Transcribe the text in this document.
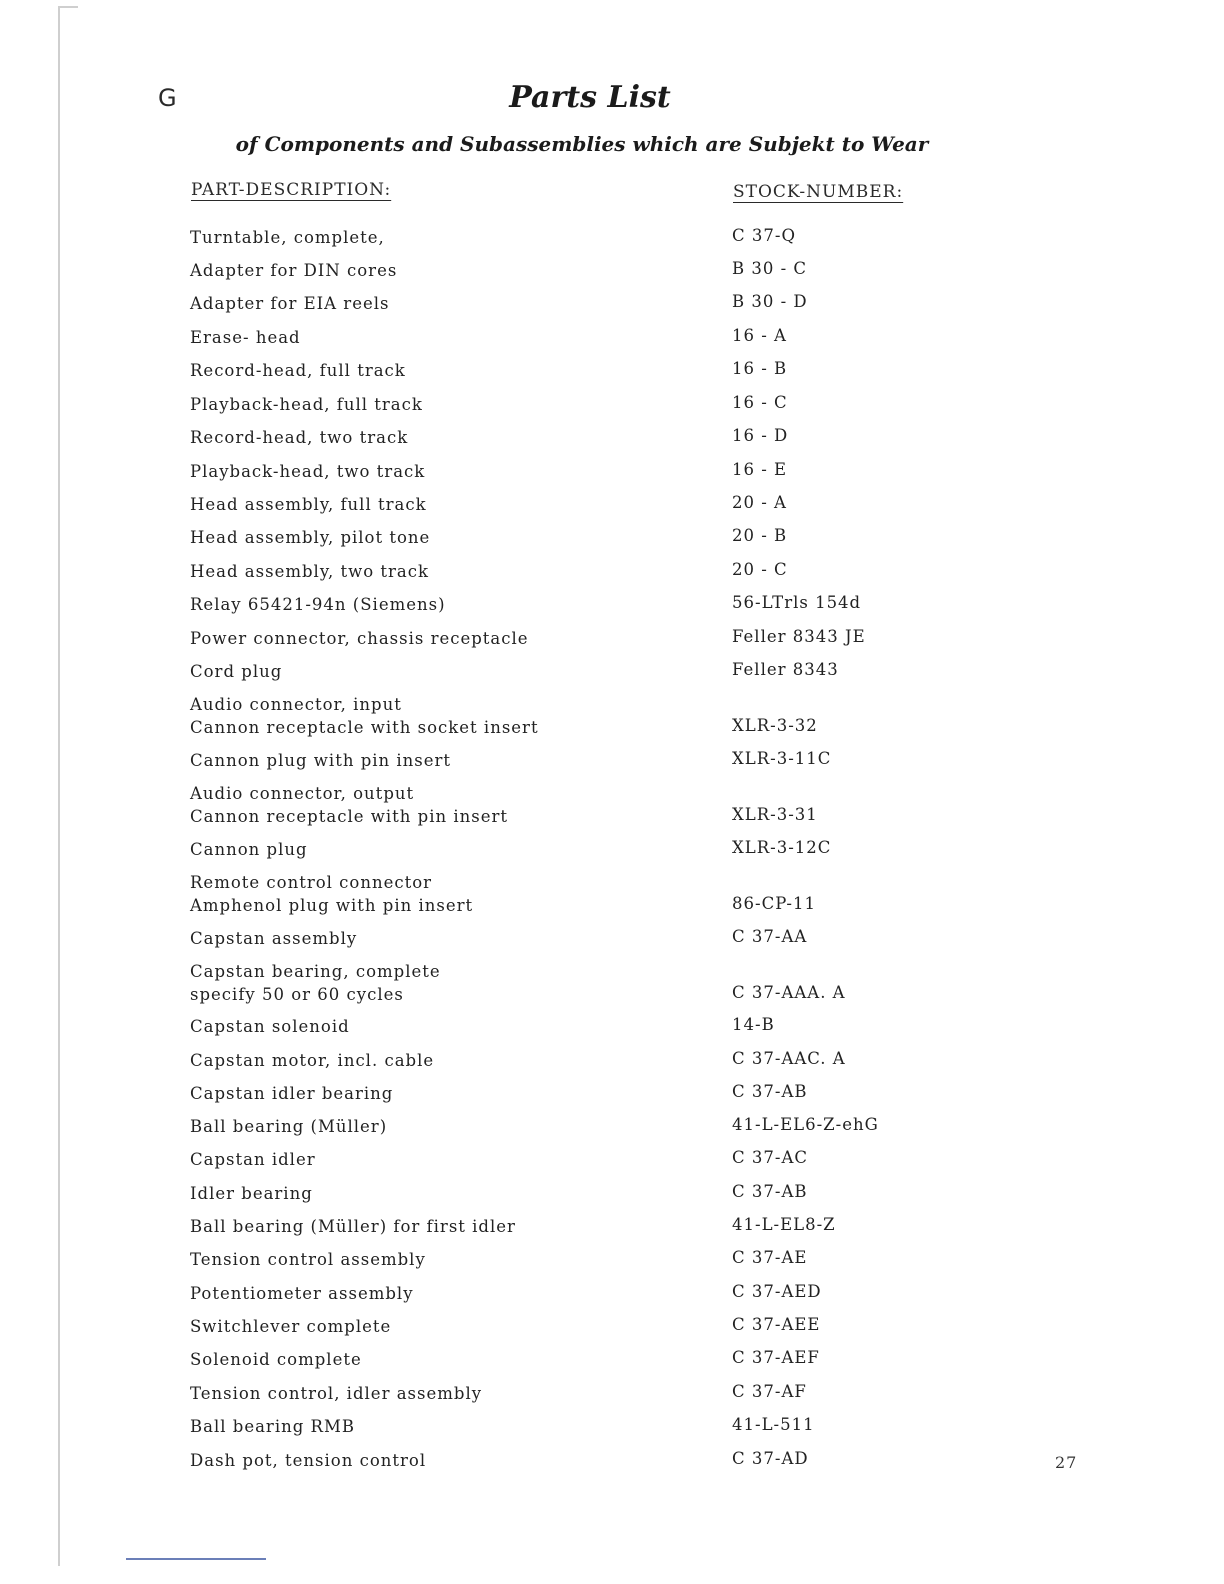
G	Parts List
of Components and Subassemblies which are Subjekt to Wear
PART-DESCRIPTION:	STOCK-NUMBER:
Turntable, complete,	C 37-Q
Adapter for DIN cores	B 30 - C
Adapter for EIA reels	B 30 - D
Erase- head	16 - A
Record-head, full track	16 - B
Playback-head, full track	16 - C
Record-head, two track	16 - D
Playback-head, two track	16 - E
Head assembly, full track	20 - A
Head assembly, pilot tone	20 - B
Head assembly, two track	20 - C
Relay 65421-94n (Siemens)	56-LTrls 154d
Power connector, chassis receptacle	Feller 8343 JE
Cord plug	Feller 8343
Audio connector, input
Cannon receptacle with socket insert	XLR-3-32
Cannon plug with pin insert	XLR-3-11C
Audio connector, output
Cannon receptacle with pin insert	XLR-3-31
Cannon plug	XLR-3-12C
Remote control connector
Amphenol plug with pin insert	86-CP-11
Capstan assembly	C 37-AA
Capstan bearing, complete
specify 50 or 60 cycles	C 37-AAA. A
Capstan solenoid	14-B
Capstan motor, incl. cable	C 37-AAC. A
Capstan idler bearing	C 37-AB
Ball bearing (Müller)	41-L-EL6-Z-ehG
Capstan idler	C 37-AC
Idler bearing	C 37-AB
Ball bearing (Müller) for first idler	41-L-EL8-Z
Tension control assembly	C 37-AE
Potentiometer assembly	C 37-AED
Switchlever complete	C 37-AEE
Solenoid complete	C 37-AEF
Tension control, idler assembly	C 37-AF
Ball bearing RMB	41-L-511
Dash pot, tension control	C 37-AD	27
